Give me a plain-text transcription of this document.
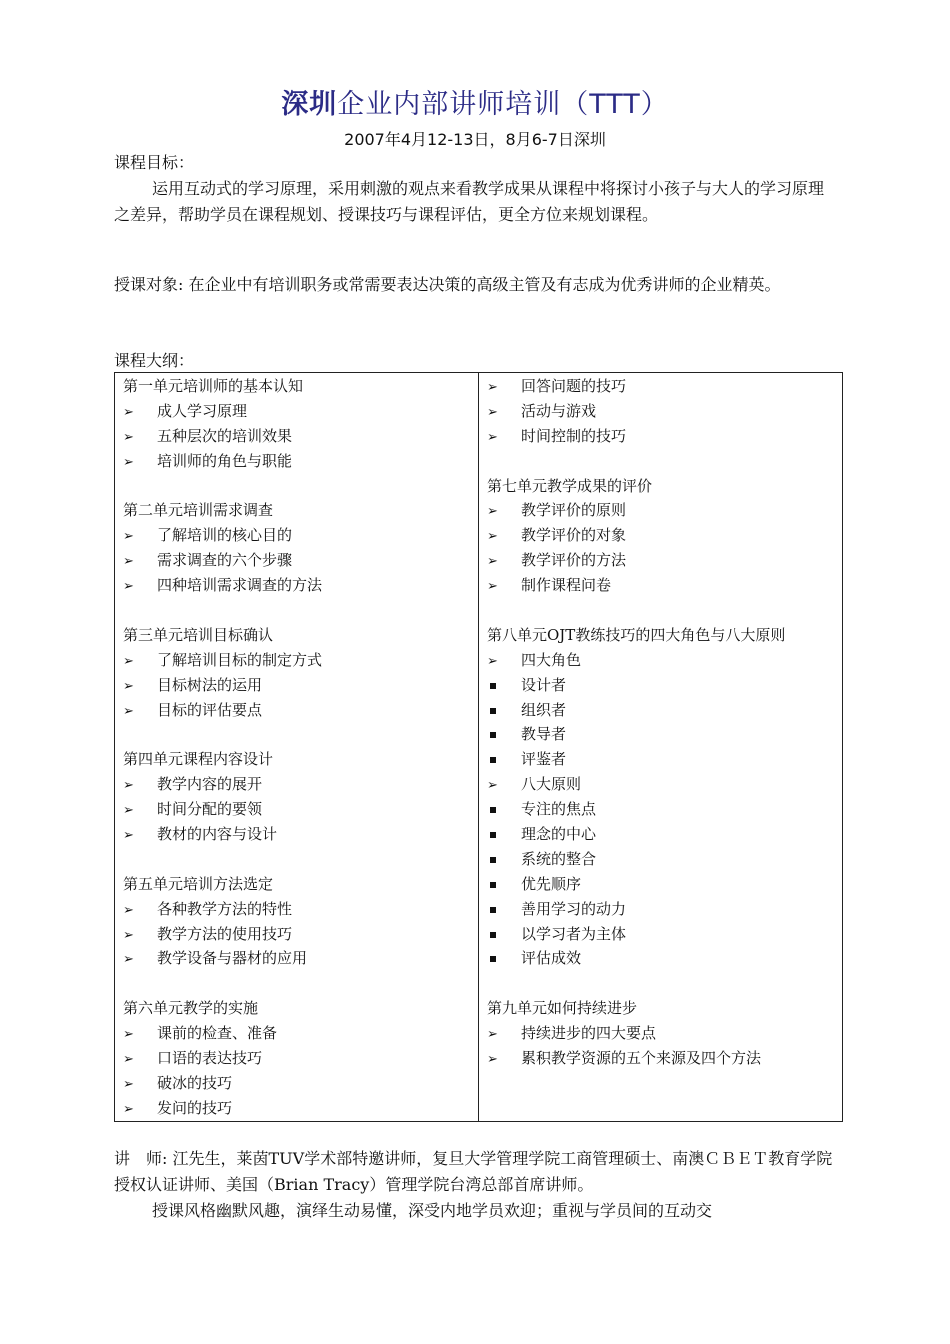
深圳企业内部讲师培训（TTT）
2007年4月12-13日，8月6-7日深圳
课程目标：
运用互动式的学习原理，采用刺激的观点来看教学成果从课程中将探讨小孩子与大人的学习原理之差异，帮助学员在课程规划、授课技巧与课程评估，更全方位来规划课程。
授课对象: 在企业中有培训职务或常需要表达决策的高级主管及有志成为优秀讲师的企业精英。
课程大纲：
第一单元培训师的基本认知
➢ 成人学习原理
➢ 五种层次的培训效果
➢ 培训师的角色与职能
第二单元培训需求调查
➢ 了解培训的核心目的
➢ 需求调查的六个步骤
➢ 四种培训需求调查的方法
第三单元培训目标确认
➢ 了解培训目标的制定方式
➢ 目标树法的运用
➢ 目标的评估要点
第四单元课程内容设计
➢ 教学内容的展开
➢ 时间分配的要领
➢ 教材的内容与设计
第五单元培训方法选定
➢ 各种教学方法的特性
➢ 教学方法的使用技巧
➢ 教学设备与器材的应用
第六单元教学的实施
➢ 课前的检查、准备
➢ 口语的表达技巧
➢ 破冰的技巧
➢ 发问的技巧

➢ 回答问题的技巧
➢ 活动与游戏
➢ 时间控制的技巧
第七单元教学成果的评价
➢ 教学评价的原则
➢ 教学评价的对象
➢ 教学评价的方法
➢ 制作课程问卷
第八单元OJT教练技巧的四大角色与八大原则
➢ 四大角色
设计者
组织者
教导者
评鉴者
➢ 八大原则
专注的焦点
理念的中心
系统的整合
优先顺序
善用学习的动力
以学习者为主体
评估成效
第九单元如何持续进步
➢ 持续进步的四大要点
➢ 累积教学资源的五个来源及四个方法
讲　师: 江先生，莱茵TUV学术部特邀讲师，复旦大学管理学院工商管理硕士、南澳ＣＢＥＴ教育学院授权认证讲师、美国（Brian Tracy）管理学院台湾总部首席讲师。
授课风格幽默风趣，演绎生动易懂，深受内地学员欢迎；重视与学员间的互动交
